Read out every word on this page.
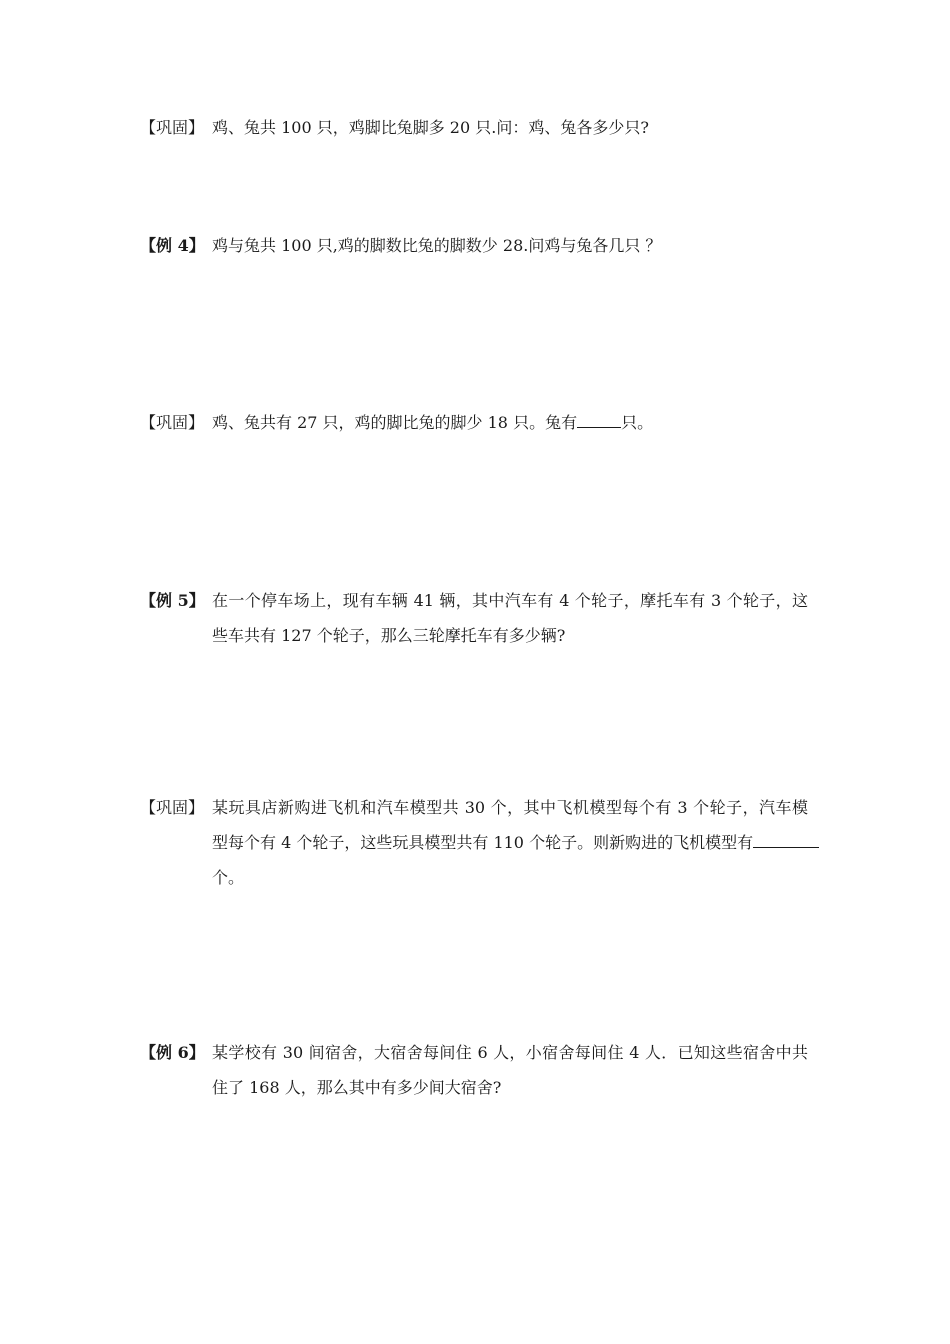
【巩固】 鸡、兔共 100 只，鸡脚比兔脚多 20 只.问：鸡、兔各多少只?
【例 4】 鸡与兔共 100 只,鸡的脚数比兔的脚数少 28.问鸡与兔各几只 ？
【巩固】 鸡、兔共有 27 只，鸡的脚比兔的脚少 18 只。兔有	只。
【例 5】 在一个停车场上，现有车辆 41 辆，其中汽车有 4 个轮子，摩托车有 3 个轮子，这
些车共有 127 个轮子，那么三轮摩托车有多少辆?
【巩固】 某玩具店新购进飞机和汽车模型共 30 个，其中飞机模型每个有 3 个轮子，汽车模
型每个有 4 个轮子，这些玩具模型共有 110 个轮子。则新购进的飞机模型有
个。
【例 6】 某学校有 30 间宿舍，大宿舍每间住 6 人，小宿舍每间住 4 人．已知这些宿舍中共
住了 168 人，那么其中有多少间大宿舍?
